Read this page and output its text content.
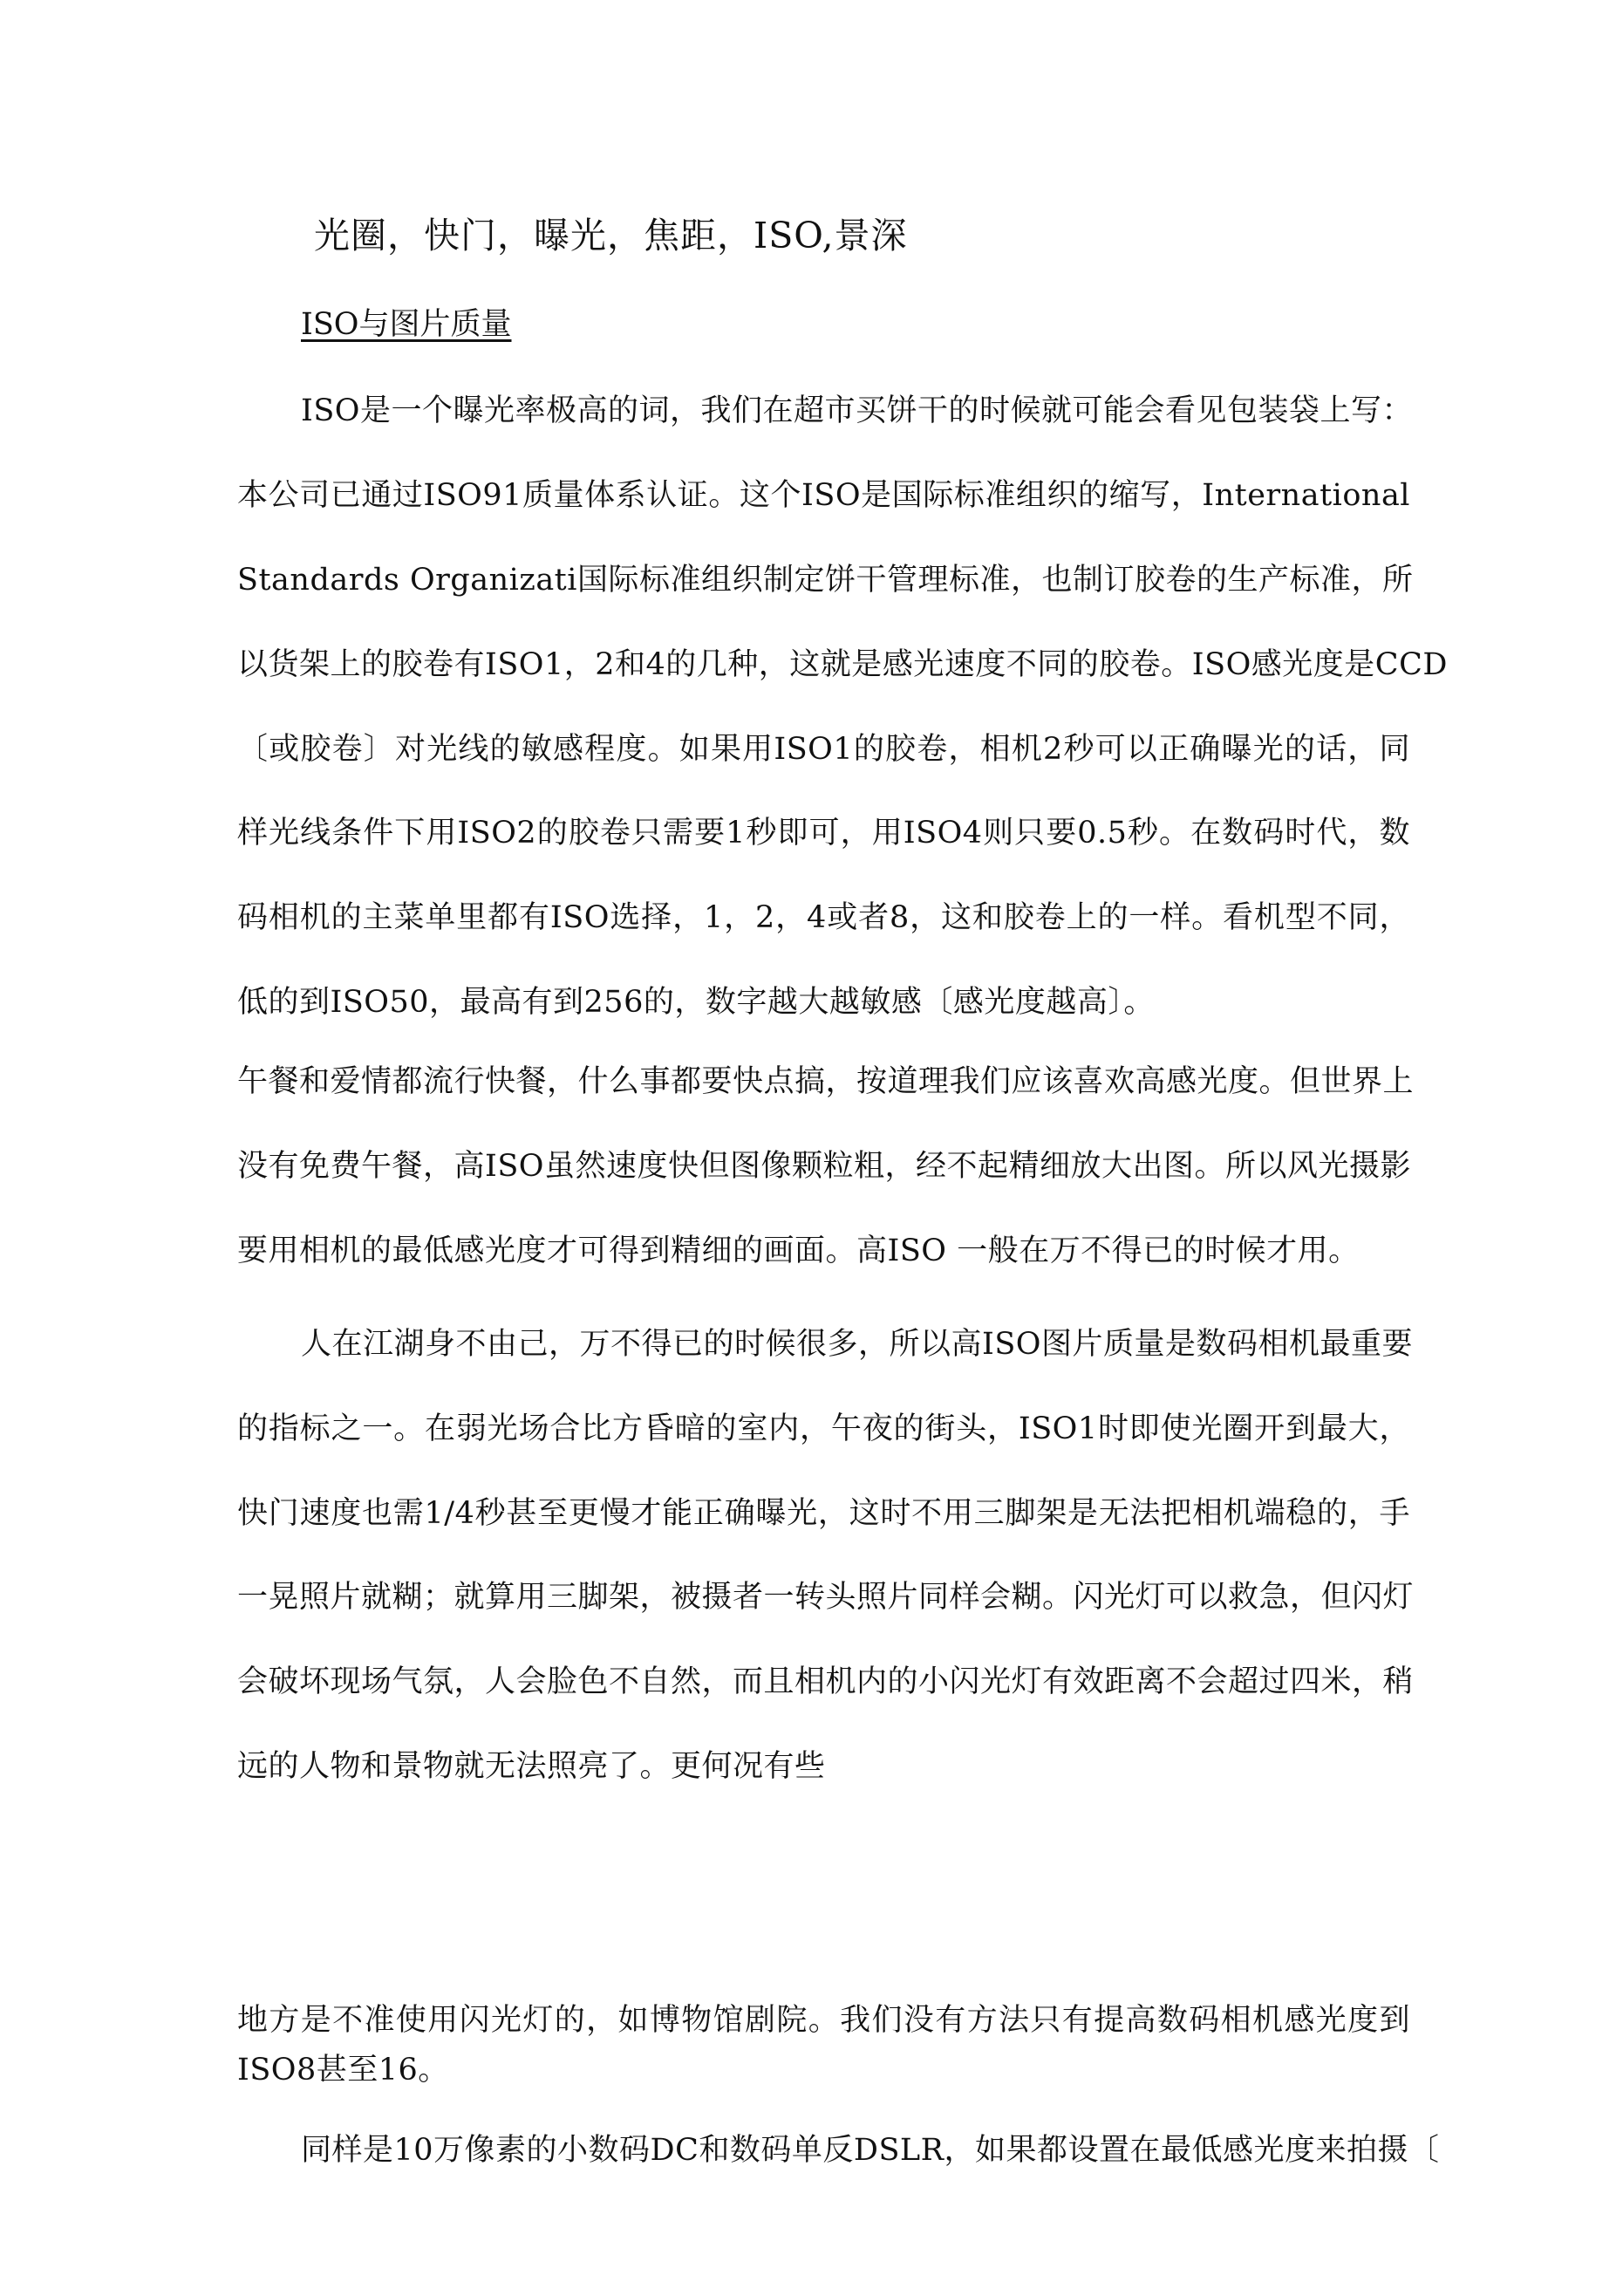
光圈，快门，曝光，焦距，ISO,景深
ISO与图片质量
ISO是一个曝光率极高的词，我们在超市买饼干的时候就可能会看见包装袋上写：
本公司已通过ISO91质量体系认证。这个ISO是国际标准组织的缩写，International
Standards Organizati国际标准组织制定饼干管理标准，也制订胶卷的生产标准，所
以货架上的胶卷有ISO1，2和4的几种，这就是感光速度不同的胶卷。ISO感光度是CCD
〔或胶卷〕对光线的敏感程度。如果用ISO1的胶卷，相机2秒可以正确曝光的话，同
样光线条件下用ISO2的胶卷只需要1秒即可，用ISO4则只要0.5秒。在数码时代，数
码相机的主菜单里都有ISO选择，1，2，4或者8，这和胶卷上的一样。看机型不同，
低的到ISO50，最高有到256的，数字越大越敏感〔感光度越高〕。
午餐和爱情都流行快餐，什么事都要快点搞，按道理我们应该喜欢高感光度。但世界上
没有免费午餐，高ISO虽然速度快但图像颗粒粗，经不起精细放大出图。所以风光摄影
要用相机的最低感光度才可得到精细的画面。高ISO 一般在万不得已的时候才用。
人在江湖身不由己，万不得已的时候很多，所以高ISO图片质量是数码相机最重要
的指标之一。在弱光场合比方昏暗的室内，午夜的街头，ISO1时即使光圈开到最大，
快门速度也需1/4秒甚至更慢才能正确曝光，这时不用三脚架是无法把相机端稳的，手
一晃照片就糊；就算用三脚架，被摄者一转头照片同样会糊。闪光灯可以救急，但闪灯
会破坏现场气氛，人会脸色不自然，而且相机内的小闪光灯有效距离不会超过四米，稍
远的人物和景物就无法照亮了。更何况有些
地方是不准使用闪光灯的，如博物馆剧院。我们没有方法只有提高数码相机感光度到
ISO8甚至16。
同样是10万像素的小数码DC和数码单反DSLR，如果都设置在最低感光度来拍摄〔
